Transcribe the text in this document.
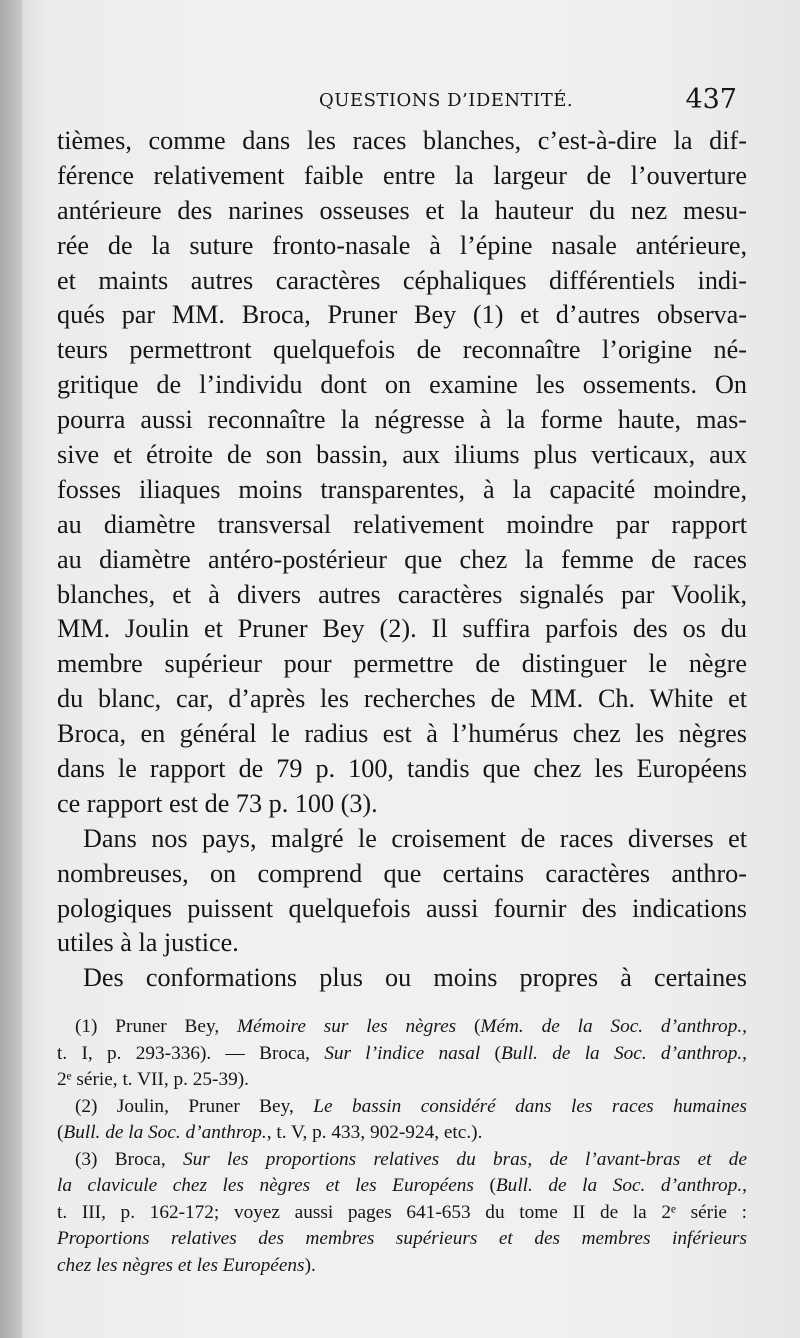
QUESTIONS D’IDENTITÉ.	437
tièmes, comme dans les races blanches, c’est-à-dire la dif-
férence relativement faible entre la largeur de l’ouverture
antérieure des narines osseuses et la hauteur du nez mesu-
rée de la suture fronto-nasale à l’épine nasale antérieure,
et maints autres caractères céphaliques différentiels indi-
qués par MM. Broca, Pruner Bey (1) et d’autres observa-
teurs permettront quelquefois de reconnaître l’origine né-
gritique de l’individu dont on examine les ossements. On
pourra aussi reconnaître la négresse à la forme haute, mas-
sive et étroite de son bassin, aux iliums plus verticaux, aux
fosses iliaques moins transparentes, à la capacité moindre,
au diamètre transversal relativement moindre par rapport
au diamètre antéro-postérieur que chez la femme de races
blanches, et à divers autres caractères signalés par Voolik,
MM. Joulin et Pruner Bey (2). Il suffira parfois des os du
membre supérieur pour permettre de distinguer le nègre
du blanc, car, d’après les recherches de MM. Ch. White et
Broca, en général le radius est à l’humérus chez les nègres
dans le rapport de 79 p. 100, tandis que chez les Européens
ce rapport est de 73 p. 100 (3).
Dans nos pays, malgré le croisement de races diverses et
nombreuses, on comprend que certains caractères anthro-
pologiques puissent quelquefois aussi fournir des indications
utiles à la justice.
Des conformations plus ou moins propres à certaines
(1) Pruner Bey, Mémoire sur les nègres (Mém. de la Soc. d’anthrop.,
t. I, p. 293-336). — Broca, Sur l’indice nasal (Bull. de la Soc. d’anthrop.,
2ᵉ série, t. VII, p. 25-39).
(2) Joulin, Pruner Bey, Le bassin considéré dans les races humaines
(Bull. de la Soc. d’anthrop., t. V, p. 433, 902-924, etc.).
(3) Broca, Sur les proportions relatives du bras, de l’avant-bras et de
la clavicule chez les nègres et les Européens (Bull. de la Soc. d’anthrop.,
t. III, p. 162-172; voyez aussi pages 641-653 du tome II de la 2ᵉ série :
Proportions relatives des membres supérieurs et des membres inférieurs
chez les nègres et les Européens).
